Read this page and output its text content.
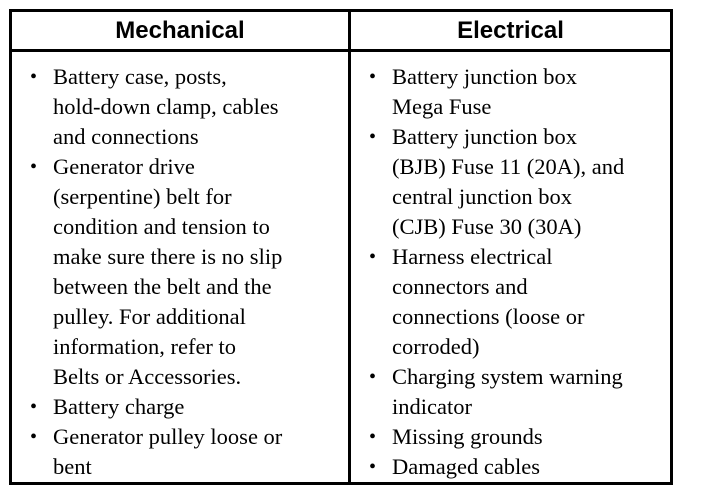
Mechanical	Electrical
• Battery case, posts,
hold-down clamp, cables
and connections
• Generator drive
(serpentine) belt for
condition and tension to
make sure there is no slip
between the belt and the
pulley. For additional
information, refer to
Belts or Accessories.
• Battery charge
• Generator pulley loose or
bent
• Battery junction box
Mega Fuse
• Battery junction box
(BJB) Fuse 11 (20A), and
central junction box
(CJB) Fuse 30 (30A)
• Harness electrical
connectors and
connections (loose or
corroded)
• Charging system warning
indicator
• Missing grounds
• Damaged cables
